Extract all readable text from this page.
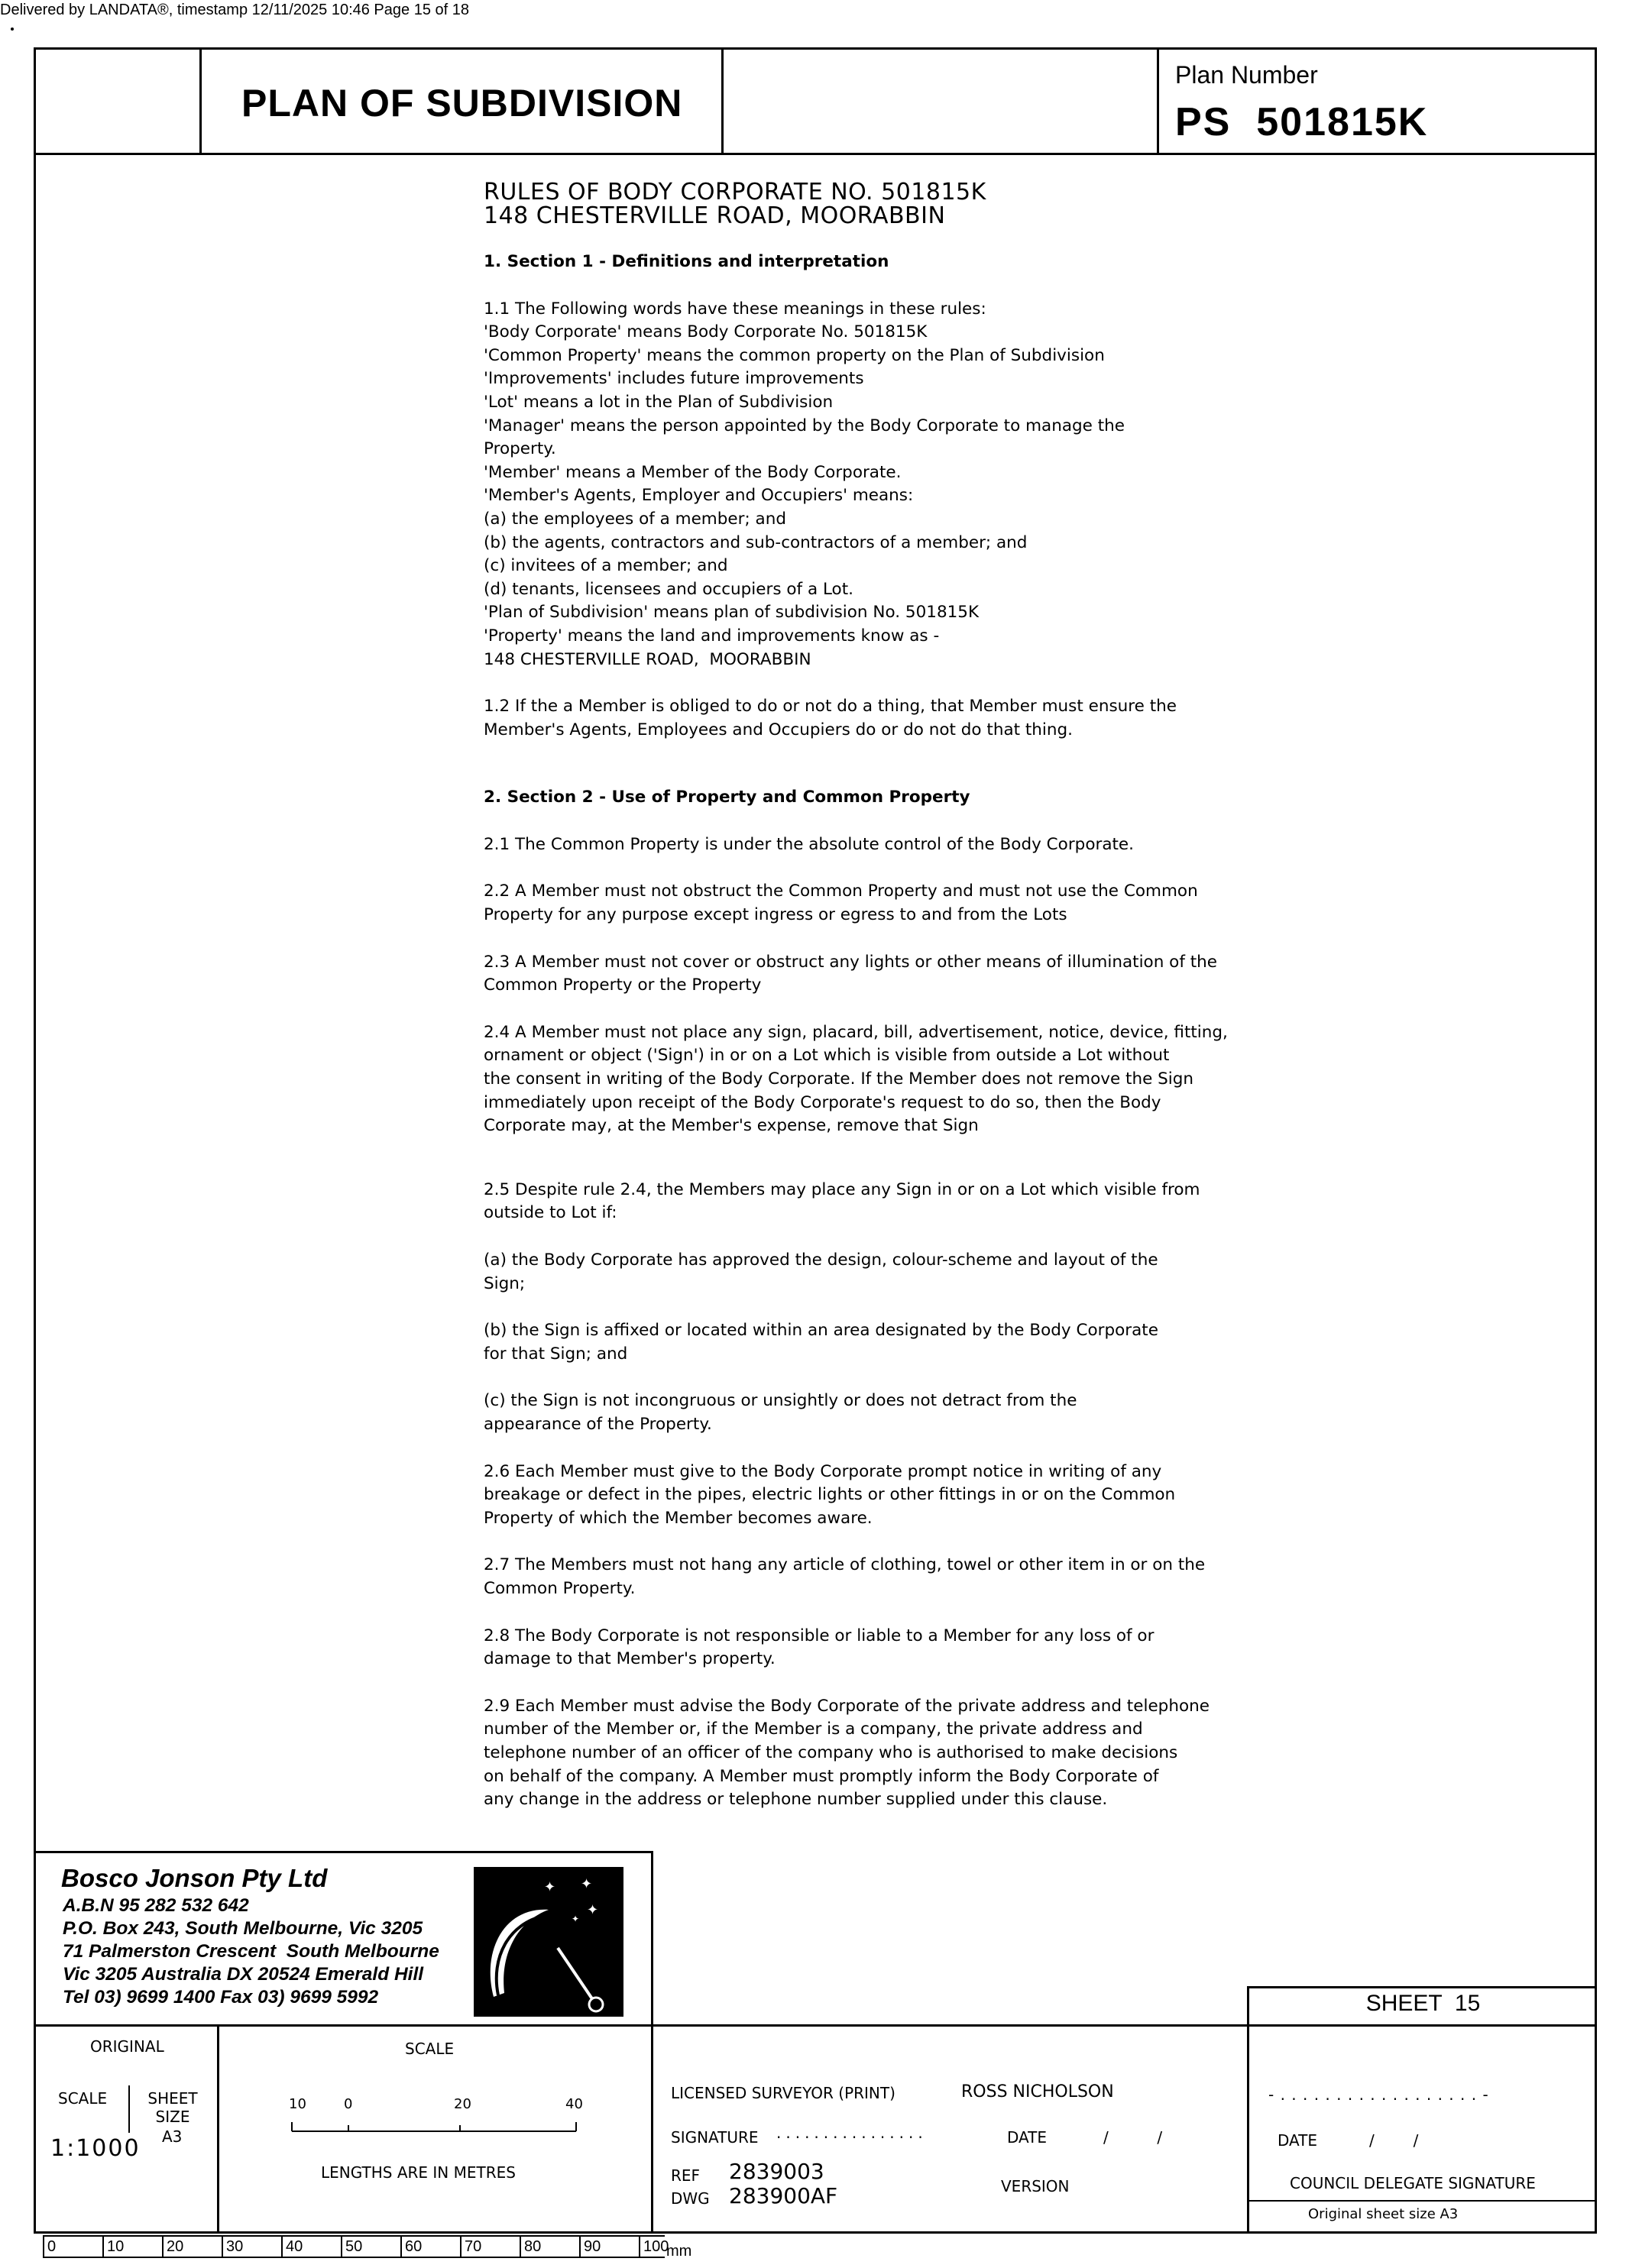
Delivered by LANDATA®, timestamp 12/11/2025 10:46 Page 15 of 18
PLAN OF SUBDIVISION
Plan Number
PS  501815K

RULES OF BODY CORPORATE NO. 501815K

148 CHESTERVILLE ROAD, MOORABBIN

1. Section 1 - Definitions and interpretation

1.1 The Following words have these meanings in these rules:

'Body Corporate' means Body Corporate No. 501815K

'Common Property' means the common property on the Plan of Subdivision

'Improvements' includes future improvements

'Lot' means a lot in the Plan of Subdivision

'Manager' means the person appointed by the Body Corporate to manage the

Property.

'Member' means a Member of the Body Corporate.

'Member's Agents, Employer and Occupiers' means:

(a) the employees of a member; and

(b) the agents, contractors and sub-contractors of a member; and

(c) invitees of a member; and

(d) tenants, licensees and occupiers of a Lot.

'Plan of Subdivision' means plan of subdivision No. 501815K

'Property' means the land and improvements know as -

148 CHESTERVILLE ROAD,  MOORABBIN

1.2 If the a Member is obliged to do or not do a thing, that Member must ensure the

Member's Agents, Employees and Occupiers do or do not do that thing.

2. Section 2 - Use of Property and Common Property

2.1 The Common Property is under the absolute control of the Body Corporate.

2.2 A Member must not obstruct the Common Property and must not use the Common

Property for any purpose except ingress or egress to and from the Lots

2.3 A Member must not cover or obstruct any lights or other means of illumination of the

Common Property or the Property

2.4 A Member must not place any sign, placard, bill, advertisement, notice, device, fitting,

ornament or object ('Sign') in or on a Lot which is visible from outside a Lot without

the consent in writing of the Body Corporate. If the Member does not remove the Sign

immediately upon receipt of the Body Corporate's request to do so, then the Body

Corporate may, at the Member's expense, remove that Sign

2.5 Despite rule 2.4, the Members may place any Sign in or on a Lot which visible from

outside to Lot if:

(a) the Body Corporate has approved the design, colour-scheme and layout of the

Sign;

(b) the Sign is affixed or located within an area designated by the Body Corporate

for that Sign; and

(c) the Sign is not incongruous or unsightly or does not detract from the

appearance of the Property.

2.6 Each Member must give to the Body Corporate prompt notice in writing of any

breakage or defect in the pipes, electric lights or other fittings in or on the Common

Property of which the Member becomes aware.

2.7 The Members must not hang any article of clothing, towel or other item in or on the

Common Property.

2.8 The Body Corporate is not responsible or liable to a Member for any loss of or

damage to that Member's property.

2.9 Each Member must advise the Body Corporate of the private address and telephone

number of the Member or, if the Member is a company, the private address and

telephone number of an officer of the company who is authorised to make decisions

on behalf of the company. A Member must promptly inform the Body Corporate of

any change in the address or telephone number supplied under this clause.

Bosco Jonson Pty Ltd

A.B.N 95 282 532 642

P.O. Box 243, South Melbourne, Vic 3205

71 Palmerston Crescent  South Melbourne

Vic 3205 Australia DX 20524 Emerald Hill

Tel 03) 9699 1400 Fax 03) 9699 5992

✦ ✦
✦
✦
SHEET  15
ORIGINAL
SCALE	SHEET SIZE
1:1000 A3
SCALE
10	0	20	40
LENGTHS ARE IN METRES
LICENSED SURVEYOR (PRINT)	ROSS NICHOLSON
SIGNATURE ................	DATE	/          /
REF 2839003
DWG 283900AF	VERSION
- . . . . . . . . . . . . . . . . . . -
DATE	/        /
COUNCIL DELEGATE SIGNATURE
Original sheet size A3
0	10	20	30	40	50	60	70	80	90	100
mm
